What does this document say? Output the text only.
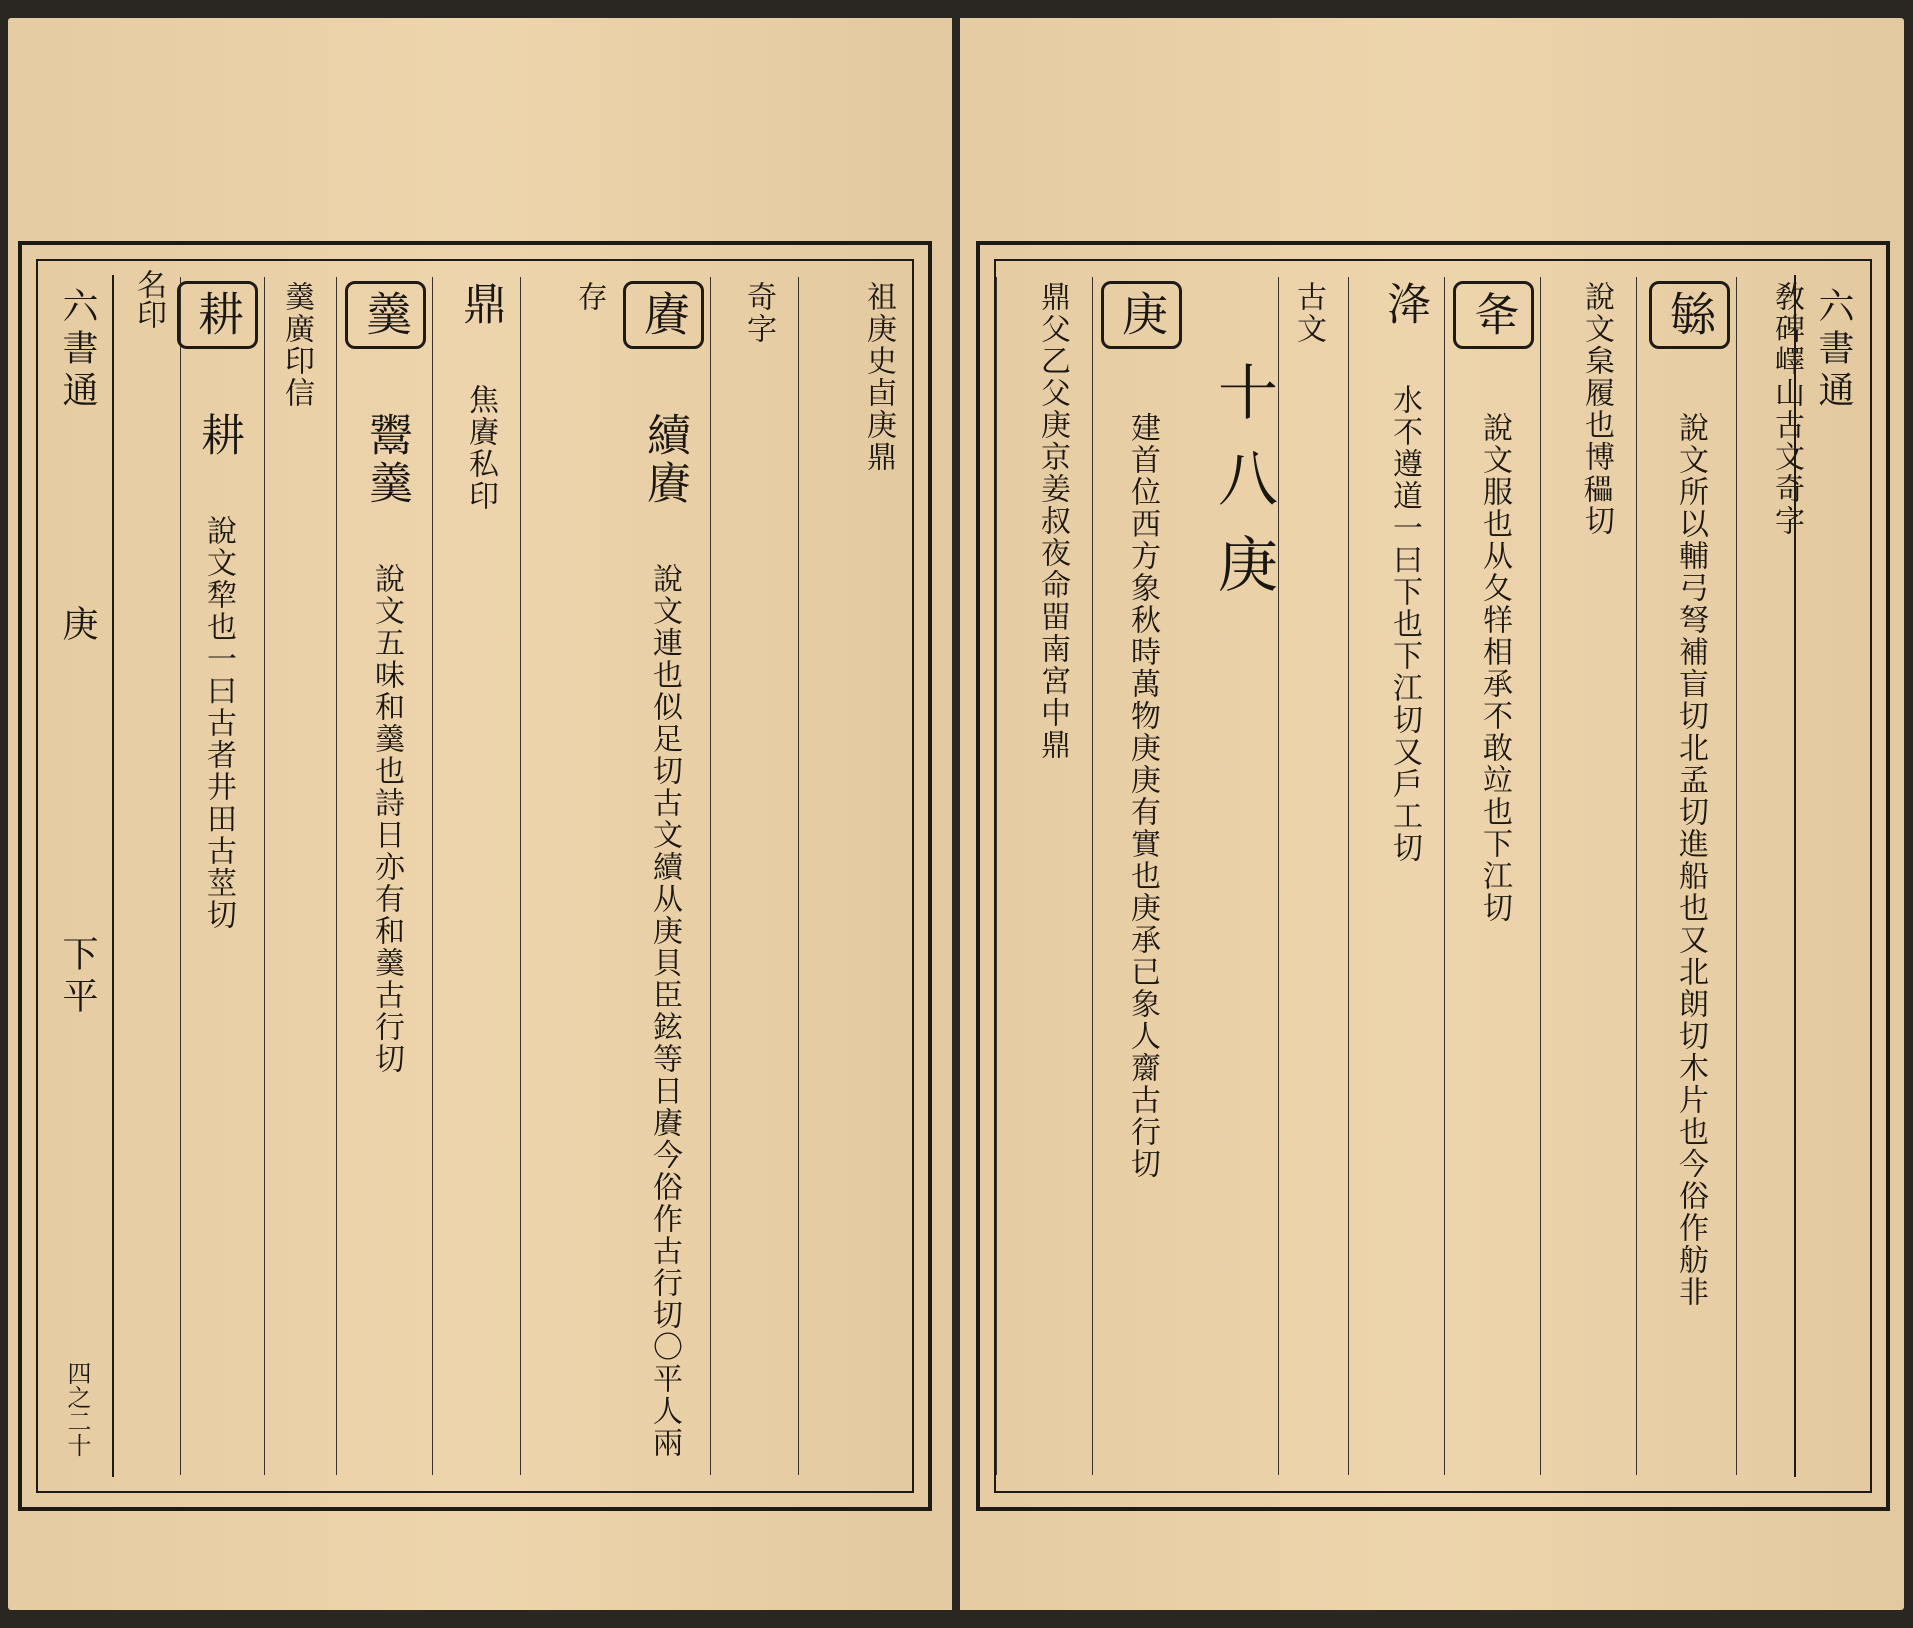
六書通
庚
下平
四之二十
名印 耕 耕 說文犂也一曰古者井田古莖切
羹廣印信 羹 鬻羹 說文五味和羹也詩日亦有和羹古行切
鼎 焦賡私印
賡 續賡 說文連也似足切古文續从庚貝臣鉉等日賡今俗作古行切〇平人兩存	奇字	祖庚史卣庚鼎	鼎父乙父庚京姜叔夜命㽞南宮中鼎 庚 建首位西方象秋時萬物庚庚有實也庚承已象人𪗋古行切 十八庚
古文	洚 水不遵道一曰下也下江切又戶工切
夅 說文服也从夂䍧相承不敢竝也下江切
說文枲履也博𥣬切	䋣 說文所以輔弓弩補盲切北孟切進船也又北朗切木片也今俗作舫非
敎碑嶧山古文奇字 六書通
